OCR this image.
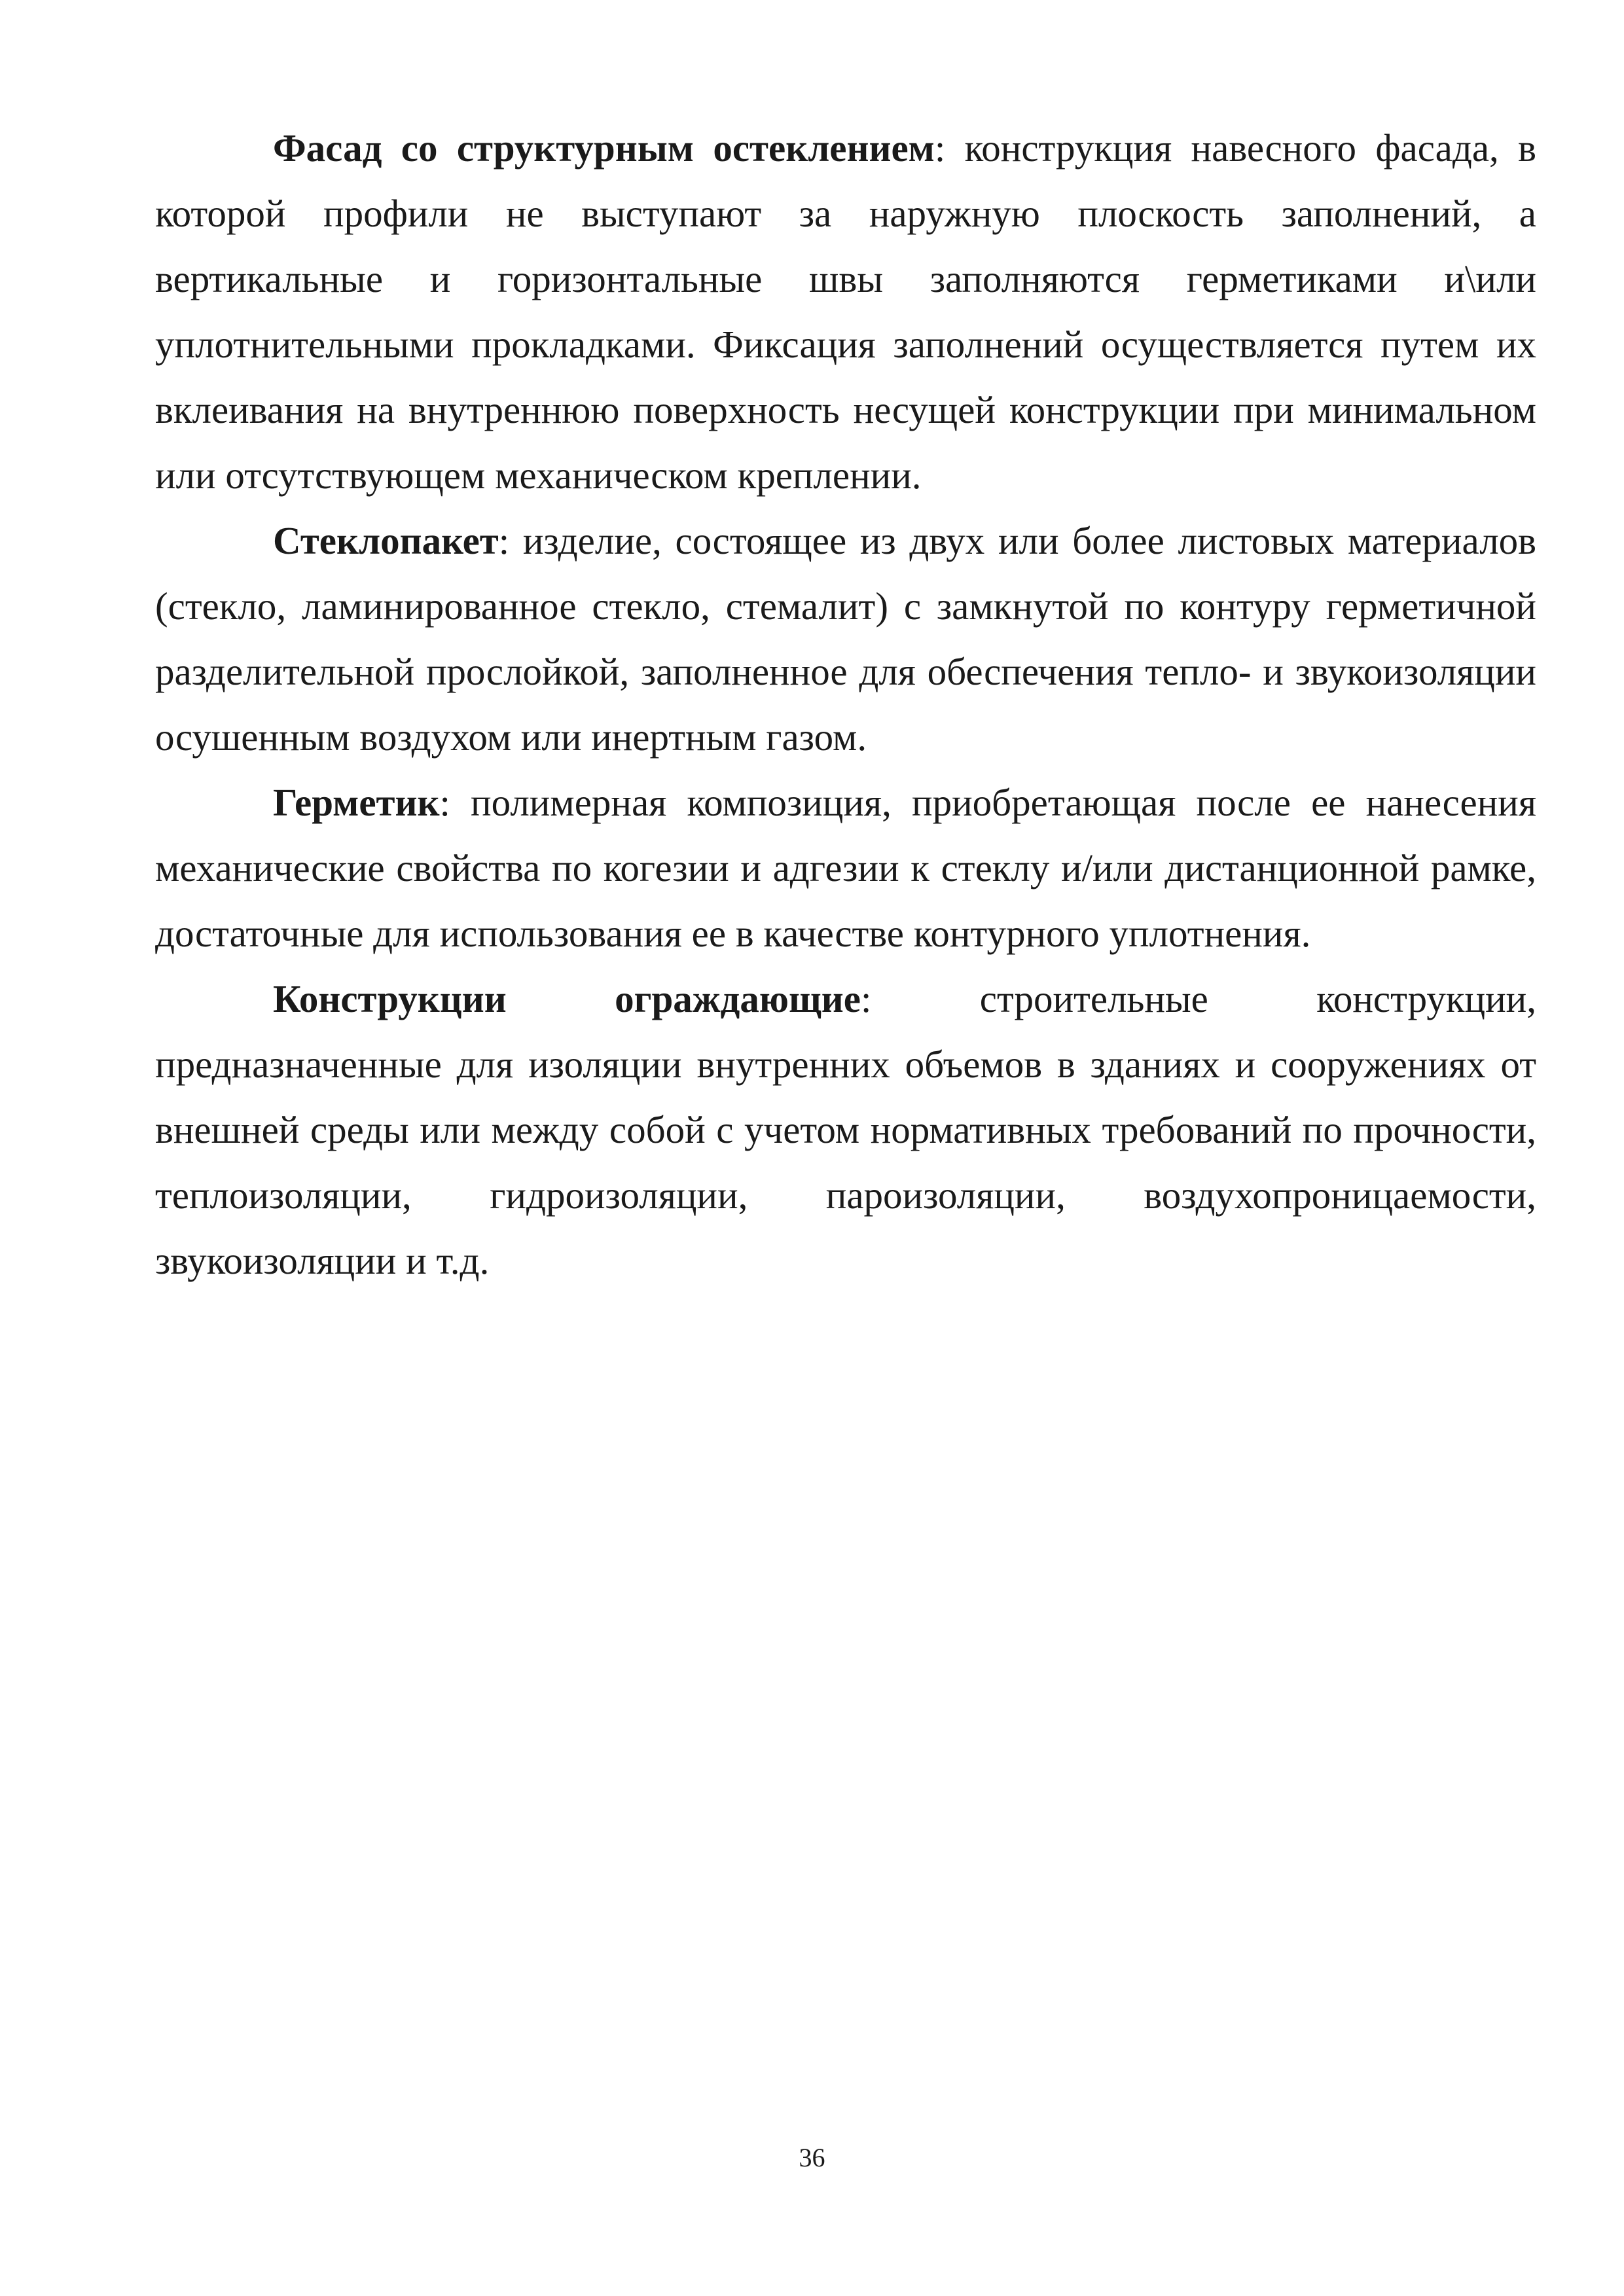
Фасад со структурным остеклением: конструкция навесного фасада, в которой профили не выступают за наружную плоскость заполнений, а вертикальные и горизонтальные швы заполняются герметиками и\или уплотнительными прокладками. Фиксация заполнений осуществляется путем их вклеивания на внутреннюю поверхность несущей конструкции при минимальном или отсутствующем механическом креплении.

Стеклопакет: изделие, состоящее из двух или более листовых материалов (стекло, ламинированное стекло, стемалит) с замкнутой по контуру герметичной разделительной прослойкой, заполненное для обеспечения тепло- и звукоизоляции осушенным воздухом или инертным газом.

Герметик: полимерная композиция, приобретающая после ее нанесения механические свойства по когезии и адгезии к стеклу и/или дистанционной рамке, достаточные для использования ее в качестве контурного уплотнения.

Конструкции ограждающие: строительные конструкции, предназначенные для изоляции внутренних объемов в зданиях и сооружениях от внешней среды или между собой с учетом нормативных требований по прочности, теплоизоляции, гидроизоляции, пароизоляции, воздухопроницаемости, звукоизоляции и т.д.

36
